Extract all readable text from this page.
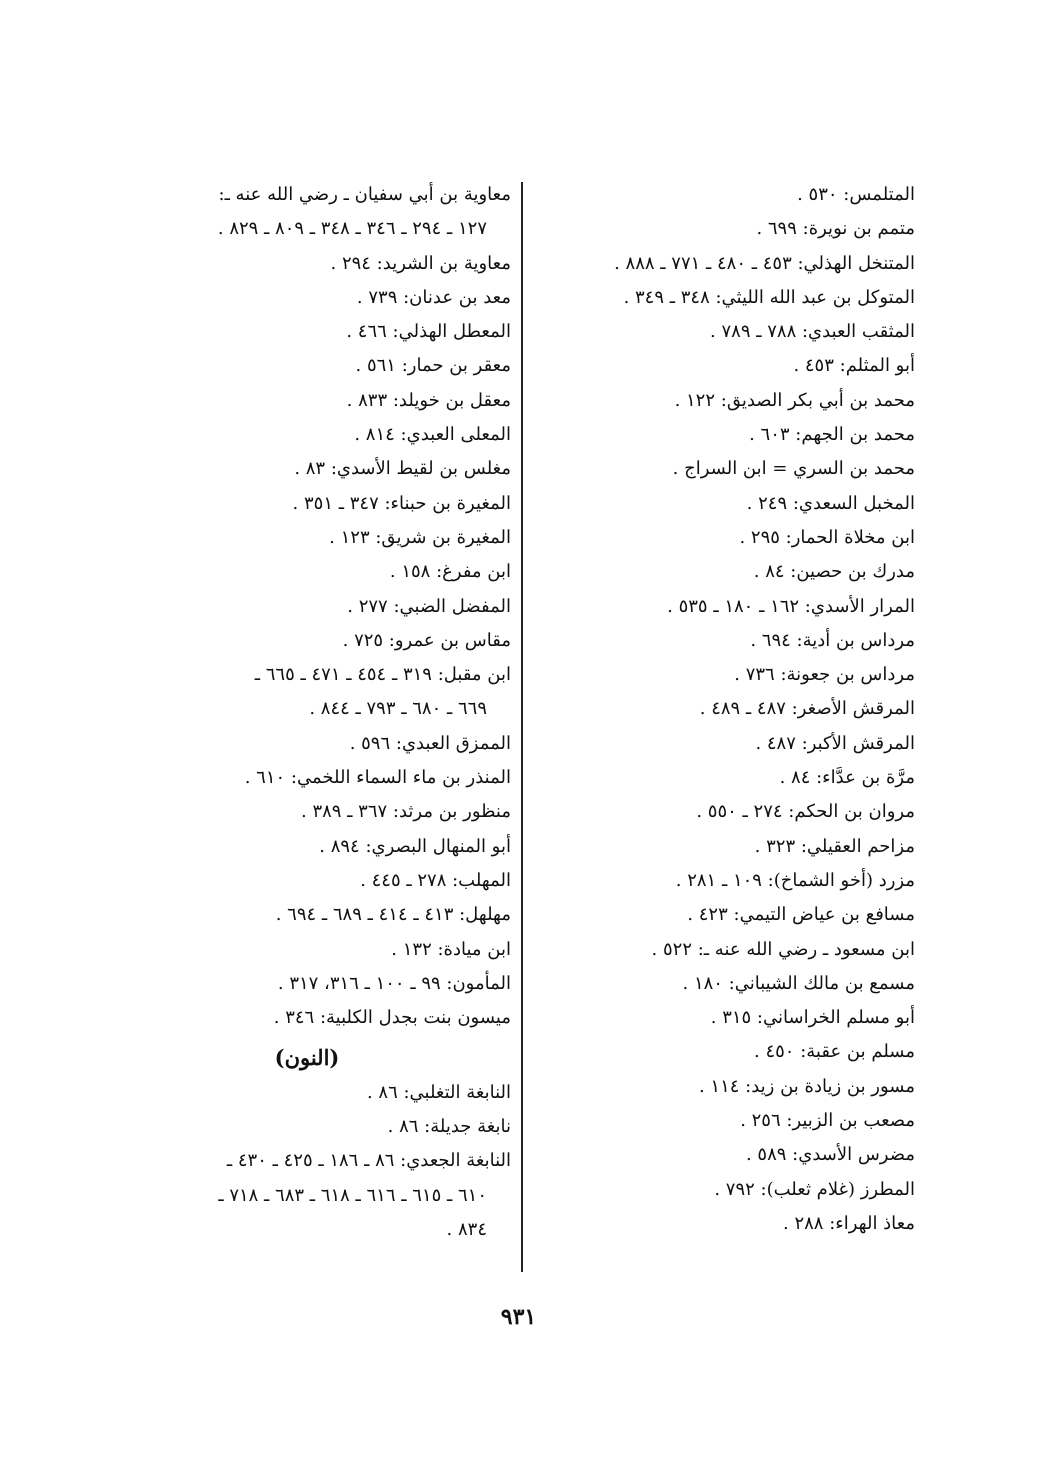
المتلمس: ٥٣٠ .
متمم بن نويرة: ٦٩٩ .
المتنخل الهذلي: ٤٥٣ ـ ٤٨٠ ـ ٧٧١ ـ ٨٨٨ .
المتوكل بن عبد الله الليثي: ٣٤٨ ـ ٣٤٩ .
المثقب العبدي: ٧٨٨ ـ ٧٨٩ .
أبو المثلم: ٤٥٣ .
محمد بن أبي بكر الصديق: ١٢٢ .
محمد بن الجهم: ٦٠٣ .
محمد بن السري = ابن السراج .
المخبل السعدي: ٢٤٩ .
ابن مخلاة الحمار: ٢٩٥ .
مدرك بن حصين: ٨٤ .
المرار الأسدي: ١٦٢ ـ ١٨٠ ـ ٥٣٥ .
مرداس بن أدية: ٦٩٤ .
مرداس بن جعونة: ٧٣٦ .
المرقش الأصغر: ٤٨٧ ـ ٤٨٩ .
المرقش الأكبر: ٤٨٧ .
مرَّة بن عدَّاء: ٨٤ .
مروان بن الحكم: ٢٧٤ ـ ٥٥٠ .
مزاحم العقيلي: ٣٢٣ .
مزرد (أخو الشماخ): ١٠٩ ـ ٢٨١ .
مسافع بن عياض التيمي: ٤٢٣ .
ابن مسعود ـ رضي الله عنه ـ: ٥٢٢ .
مسمع بن مالك الشيباني: ١٨٠ .
أبو مسلم الخراساني: ٣١٥ .
مسلم بن عقبة: ٤٥٠ .
مسور بن زيادة بن زيد: ١١٤ .
مصعب بن الزبير: ٢٥٦ .
مضرس الأسدي: ٥٨٩ .
المطرز (غلام ثعلب): ٧٩٢ .
معاذ الهراء: ٢٨٨ .
معاوية بن أبي سفيان ـ رضي الله عنه ـ:
١٢٧ ـ ٢٩٤ ـ ٣٤٦ ـ ٣٤٨ ـ ٨٠٩ ـ ٨٢٩ .
معاوية بن الشريد: ٢٩٤ .
معد بن عدنان: ٧٣٩ .
المعطل الهذلي: ٤٦٦ .
معقر بن حمار: ٥٦١ .
معقل بن خويلد: ٨٣٣ .
المعلى العبدي: ٨١٤ .
مغلس بن لقيط الأسدي: ٨٣ .
المغيرة بن حبناء: ٣٤٧ ـ ٣٥١ .
المغيرة بن شريق: ١٢٣ .
ابن مفرغ: ١٥٨ .
المفضل الضبي: ٢٧٧ .
مقاس بن عمرو: ٧٢٥ .
ابن مقبل: ٣١٩ ـ ٤٥٤ ـ ٤٧١ ـ ٦٦٥ ـ
٦٦٩ ـ ٦٨٠ ـ ٧٩٣ ـ ٨٤٤ .
الممزق العبدي: ٥٩٦ .
المنذر بن ماء السماء اللخمي: ٦١٠ .
منظور بن مرثد: ٣٦٧ ـ ٣٨٩ .
أبو المنهال البصري: ٨٩٤ .
المهلب: ٢٧٨ ـ ٤٤٥ .
مهلهل: ٤١٣ ـ ٤١٤ ـ ٦٨٩ ـ ٦٩٤ .
ابن ميادة: ١٣٢ .
المأمون: ٩٩ ـ ١٠٠ ـ ٣١٦، ٣١٧ .
ميسون بنت بجدل الكلبية: ٣٤٦ .
(النون)
النابغة التغلبي: ٨٦ .
نابغة جديلة: ٨٦ .
النابغة الجعدي: ٨٦ ـ ١٨٦ ـ ٤٢٥ ـ ٤٣٠ ـ
٦١٠ ـ ٦١٥ ـ ٦١٦ ـ ٦١٨ ـ ٦٨٣ ـ ٧١٨ ـ
٨٣٤ .
٩٣١
